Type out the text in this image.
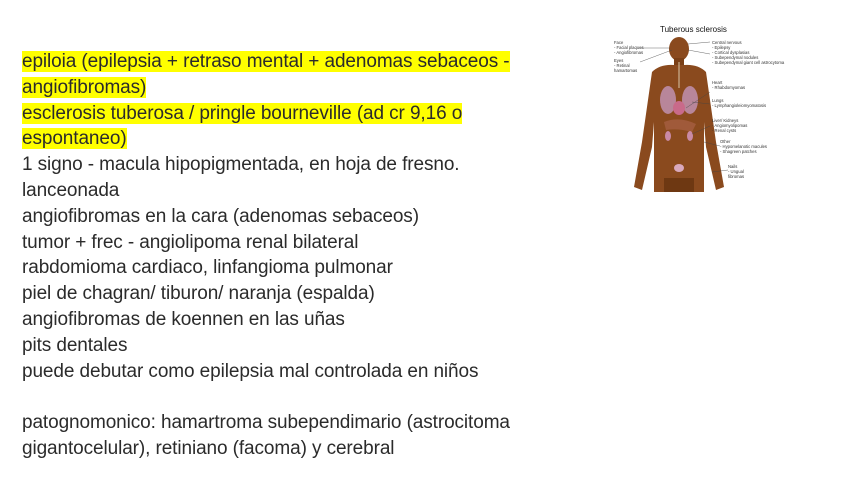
epiloia (epilepsia + retraso mental + adenomas sebaceos -
angiofibromas)
esclerosis tuberosa / pringle bourneville (ad cr 9,16 o
espontaneo)
1 signo - macula hipopigmentada, en hoja de fresno.
lanceonada
angiofibromas en la cara (adenomas sebaceos)
tumor + frec - angiolipoma renal bilateral
rabdomioma cardiaco, linfangioma pulmonar
piel de chagran/ tiburon/ naranja (espalda)
angiofibromas de koennen en las uñas
pits dentales
puede debutar como epilepsia mal controlada en niños
patognomonico: hamartroma subependimario (astrocitoma
gigantocelular), retiniano (facoma) y cerebral
Tuberous sclerosis
Face
- Facial plaques
- Angiofibromas
Eyes
- Retinal
hamartomas
Central nervous
- Epilepsy
- Cortical dysplasias
- Subependymal nodules
- Subependymal giant cell astrocytoma
Heart
- Rhabdomyomas
Lungs
- Lymphangioleiomyomatosis
Liver/ Kidneys
- Angiomyolipomas
- Renal cysts
Other
- Hypomelanotic macules
- Shagreen patches
Nails
- Ungual
fibromas
